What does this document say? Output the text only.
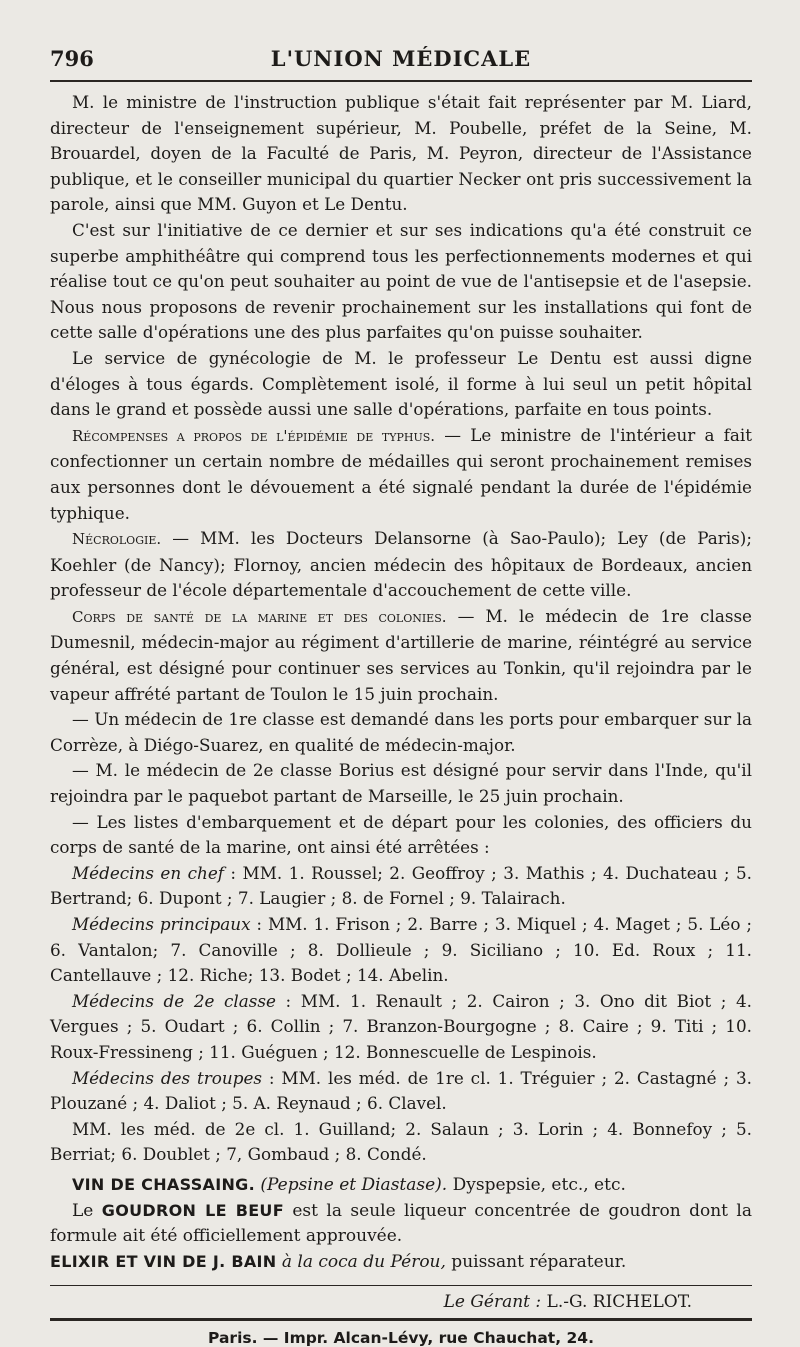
796	L'UNION MÉDICALE

M. le ministre de l'instruction publique s'était fait représenter par M. Liard, directeur de l'enseignement supérieur, M. Poubelle, préfet de la Seine, M. Brouardel, doyen de la Faculté de Paris, M. Peyron, directeur de l'Assistance publique, et le conseiller municipal du quartier Necker ont pris successivement la parole, ainsi que MM. Guyon et Le Dentu.

C'est sur l'initiative de ce dernier et sur ses indications qu'a été construit ce superbe amphithéâtre qui comprend tous les perfectionnements modernes et qui réalise tout ce qu'on peut souhaiter au point de vue de l'antisepsie et de l'asepsie. Nous nous proposons de revenir prochainement sur les installations qui font de cette salle d'opérations une des plus parfaites qu'on puisse souhaiter.

Le service de gynécologie de M. le professeur Le Dentu est aussi digne d'éloges à tous égards. Complètement isolé, il forme à lui seul un petit hôpital dans le grand et possède aussi une salle d'opérations, parfaite en tous points.

Récompenses a propos de l'épidémie de typhus. — Le ministre de l'intérieur a fait confectionner un certain nombre de médailles qui seront prochainement remises aux personnes dont le dévouement a été signalé pendant la durée de l'épidémie typhique.

Nécrologie. — MM. les Docteurs Delansorne (à Sao-Paulo); Ley (de Paris); Koehler (de Nancy); Flornoy, ancien médecin des hôpitaux de Bordeaux, ancien professeur de l'école départementale d'accouchement de cette ville.

Corps de santé de la marine et des colonies. — M. le médecin de 1re classe Dumesnil, médecin-major au régiment d'artillerie de marine, réintégré au service général, est désigné pour continuer ses services au Tonkin, qu'il rejoindra par le vapeur affrété partant de Toulon le 15 juin prochain.

— Un médecin de 1re classe est demandé dans les ports pour embarquer sur la Corrèze, à Diégo-Suarez, en qualité de médecin-major.

— M. le médecin de 2e classe Borius est désigné pour servir dans l'Inde, qu'il rejoindra par le paquebot partant de Marseille, le 25 juin prochain.

— Les listes d'embarquement et de départ pour les colonies, des officiers du corps de santé de la marine, ont ainsi été arrêtées :

Médecins en chef : MM. 1. Roussel; 2. Geoffroy ; 3. Mathis ; 4. Duchateau ; 5. Bertrand; 6. Dupont ; 7. Laugier ; 8. de Fornel ; 9. Talairach.

Médecins principaux : MM. 1. Frison ; 2. Barre ; 3. Miquel ; 4. Maget ; 5. Léo ; 6. Vantalon; 7. Canoville ; 8. Dollieule ; 9. Siciliano ; 10. Ed. Roux ; 11. Cantellauve ; 12. Riche; 13. Bodet ; 14. Abelin.

Médecins de 2e classe : MM. 1. Renault ; 2. Cairon ; 3. Ono dit Biot ; 4. Vergues ; 5. Oudart ; 6. Collin ; 7. Branzon-Bourgogne ; 8. Caire ; 9. Titi ; 10. Roux-Fressineng ; 11. Guéguen ; 12. Bonnescuelle de Lespinois.

Médecins des troupes : MM. les méd. de 1re cl. 1. Tréguier ; 2. Castagné ; 3. Plouzané ; 4. Daliot ; 5. A. Reynaud ; 6. Clavel.

MM. les méd. de 2e cl. 1. Guilland; 2. Salaun ; 3. Lorin ; 4. Bonnefoy ; 5. Berriat; 6. Doublet ; 7, Gombaud ; 8. Condé.

VIN DE CHASSAING. (Pepsine et Diastase). Dyspepsie, etc., etc.

Le GOUDRON LE BEUF est la seule liqueur concentrée de goudron dont la formule ait été officiellement approuvée.

ELIXIR ET VIN DE J. BAIN à la coca du Pérou, puissant réparateur.

Le Gérant : L.-G. RICHELOT.
Paris. — Impr. Alcan-Lévy, rue Chauchat, 24.
